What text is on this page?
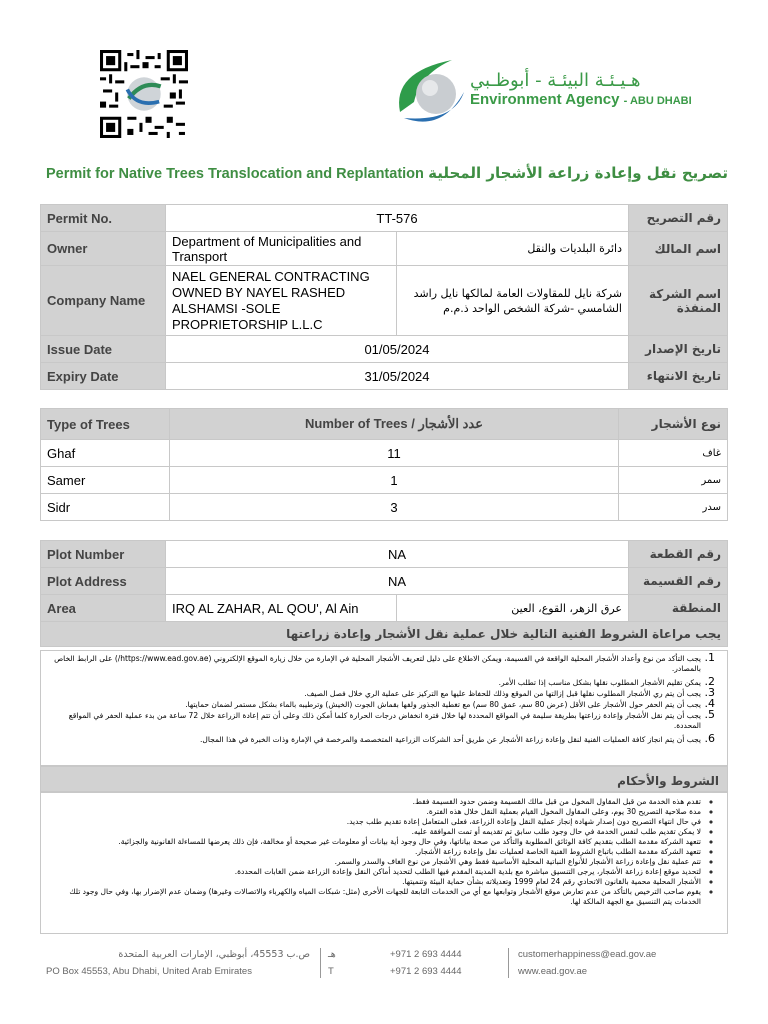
هـيـئـة البيئـة - أبوظـبي
Environment Agency - ABU DHABI
Permit for Native Trees Translocation and Replantation تصريح نقل وإعادة زراعة الأشجار المحلية
Permit No.	TT-576		رقم التصريح
Owner	Department of Municipalities and Transport	دائرة البلديات والنقل	اسم المالك
Company Name	NAEL GENERAL CONTRACTING OWNED BY NAYEL RASHED ALSHAMSI -SOLE PROPRIETORSHIP L.L.C	شركة نايل للمقاولات العامة لمالكها نايل راشد الشامسي -شركة الشخص الواحد ذ.م.م	اسم الشركة المنفذة
Issue Date	01/05/2024		تاريخ الإصدار
Expiry Date	31/05/2024		تاريخ الانتهاء
Type of Trees	Number of Trees / عدد الأشجار	نوع الأشجار
Ghaf	11	غاف
Samer	1	سمر
Sidr	3	سدر
Plot Number	NA		رقم القطعة
Plot Address	NA		رقم القسيمة
Area	IRQ AL ZAHAR, AL QOU', Al Ain	عرق الزهر، القوع، العين	المنطقة
يجب مراعاة الشروط الفنية التالية خلال عملية نقل الأشجار وإعادة زراعتها			
1. يجب التأكد من نوع وأعداد الأشجار المحلية الواقعة في القسيمة، ويمكن الاطلاع على دليل لتعريف الأشجار المحلية في الإمارة من خلال زيارة الموقع الإلكتروني (https://www.ead.gov.ae/) على الرابط الخاص بالمصادر.
2. يمكن تقليم الأشجار المطلوب نقلها بشكل مناسب إذا تطلب الأمر.
3. يجب أن يتم ري الأشجار المطلوب نقلها قبل إزالتها من الموقع وذلك للحفاظ عليها مع التركيز على عملية الري خلال فصل الصيف.
4. يجب أن يتم الحفر حول الأشجار على الأقل (عرض 80 سم، عمق 80 سم) مع تغطية الجذور ولفها بقماش الجوت (الخيش) وترطيبه بالماء بشكل مستمر لضمان حمايتها.
5. يجب أن يتم نقل الأشجار وإعادة زراعتها بطريقة سليمة في المواقع المحددة لها خلال فترة انخفاض درجات الحرارة كلما أمكن ذلك وعلى أن تتم إعادة الزراعة خلال 72 ساعة من بدء عملية الحفر في المواقع المحددة.
6. يجب أن يتم انجاز كافة العمليات الفنية لنقل وإعادة زراعة الأشجار عن طريق أحد الشركات الزراعية المتخصصة والمرخصة في الإمارة وذات الخبرة في هذا المجال.
الشروط والأحكام
◦ تقدم هذه الخدمة من قبل المقاول المخول من قبل مالك القسيمة وضمن حدود القسيمة فقط.
◦ مدة صلاحية التصريح 30 يوم، وعلى المقاول المخول القيام بعملية النقل خلال هذه الفترة.
◦ في حال انتهاء التصريح دون إصدار شهادة إنجاز عملية النقل وإعادة الزراعة، فعلى المتعامل إعادة تقديم طلب جديد.
◦ لا يمكن تقديم طلب لنفس الخدمة في حال وجود طلب سابق تم تقديمه أو تمت الموافقة عليه.
◦ تتعهد الشركة مقدمة الطلب بتقديم كافة الوثائق المطلوبة والتأكد من صحة بياناتها، وفي حال وجود أية بيانات أو معلومات غير صحيحة أو مخالفة، فإن ذلك يعرضها للمساءلة القانونية والجزائية.
◦ تتعهد الشركة مقدمة الطلب باتباع الشروط الفنية الخاصة لعمليات نقل وإعادة زراعة الأشجار.
◦ تتم عملية نقل وإعادة زراعة الأشجار للأنواع النباتية المحلية الأساسية فقط وهي الأشجار من نوع الغاف والسدر والسمر.
◦ لتحديد موقع إعادة زراعة الأشجار، يرجى التنسيق مباشرة مع بلدية المدينة المقدم فيها الطلب لتحديد أماكن النقل وإعادة الزراعة ضمن الغابات المحددة.
◦ الأشجار المحلية محمية بالقانون الاتحادي رقم 24 لعام 1999 وتعديلاته بشأن حماية البيئة وتنميتها.
◦ يقوم صاحب الترخيص بالتأكد من عدم تعارض موقع الأشجار وتوابعها مع أي من الخدمات التابعة للجهات الأخرى (مثل: شبكات المياه والكهرباء والاتصالات وغيرها) وضمان عدم الإضرار بها، وفي حال وجود تلك الخدمات يتم التنسيق مع الجهة المالكة لها.
ص.ب 45553، أبوظبي، الإمارات العربية المتحدة
PO Box 45553, Abu Dhabi, United Arab Emirates
هـ
T
+971 2 693 4444
+971 2 693 4444
customerhappiness@ead.gov.ae
www.ead.gov.ae
